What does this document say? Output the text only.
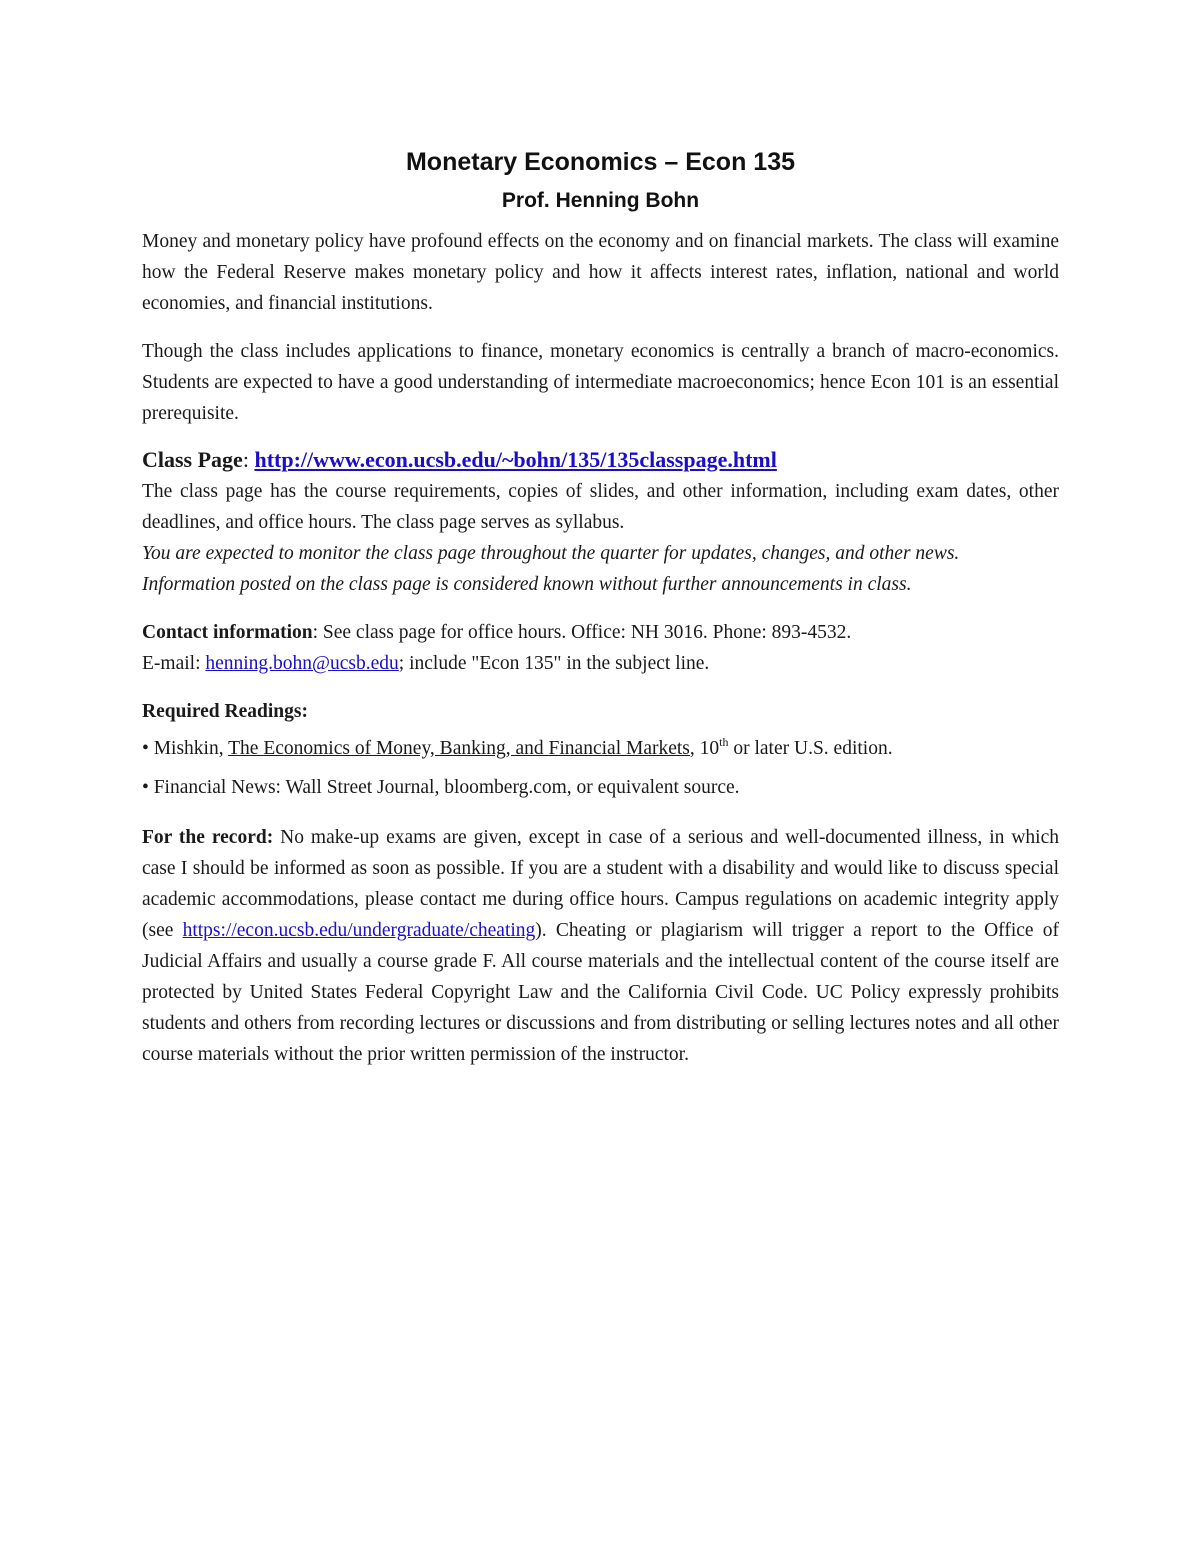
Monetary Economics – Econ 135
Prof. Henning Bohn

Money and monetary policy have profound effects on the economy and on financial markets. The class will examine how the Federal Reserve makes monetary policy and how it affects interest rates, inflation, national and world economies, and financial institutions.

Though the class includes applications to finance, monetary economics is centrally a branch of macro-economics. Students are expected to have a good understanding of intermediate macroeconomics; hence Econ 101 is an essential prerequisite.

Class Page: http://www.econ.ucsb.edu/~bohn/135/135classpage.html

The class page has the course requirements, copies of slides, and other information, including exam dates, other deadlines, and office hours. The class page serves as syllabus.

You are expected to monitor the class page throughout the quarter for updates, changes, and other news.

Information posted on the class page is considered known without further announcements in class.

Contact information: See class page for office hours. Office: NH 3016. Phone: 893-4532.

E-mail: henning.bohn@ucsb.edu; include "Econ 135" in the subject line.

Required Readings:

• Mishkin, The Economics of Money, Banking, and Financial Markets, 10th or later U.S. edition.

• Financial News: Wall Street Journal, bloomberg.com, or equivalent source.

For the record: No make-up exams are given, except in case of a serious and well-documented illness, in which case I should be informed as soon as possible. If you are a student with a disability and would like to discuss special academic accommodations, please contact me during office hours. Campus regulations on academic integrity apply (see https://econ.ucsb.edu/undergraduate/cheating). Cheating or plagiarism will trigger a report to the Office of Judicial Affairs and usually a course grade F. All course materials and the intellectual content of the course itself are protected by United States Federal Copyright Law and the California Civil Code. UC Policy expressly prohibits students and others from recording lectures or discussions and from distributing or selling lectures notes and all other course materials without the prior written permission of the instructor.
